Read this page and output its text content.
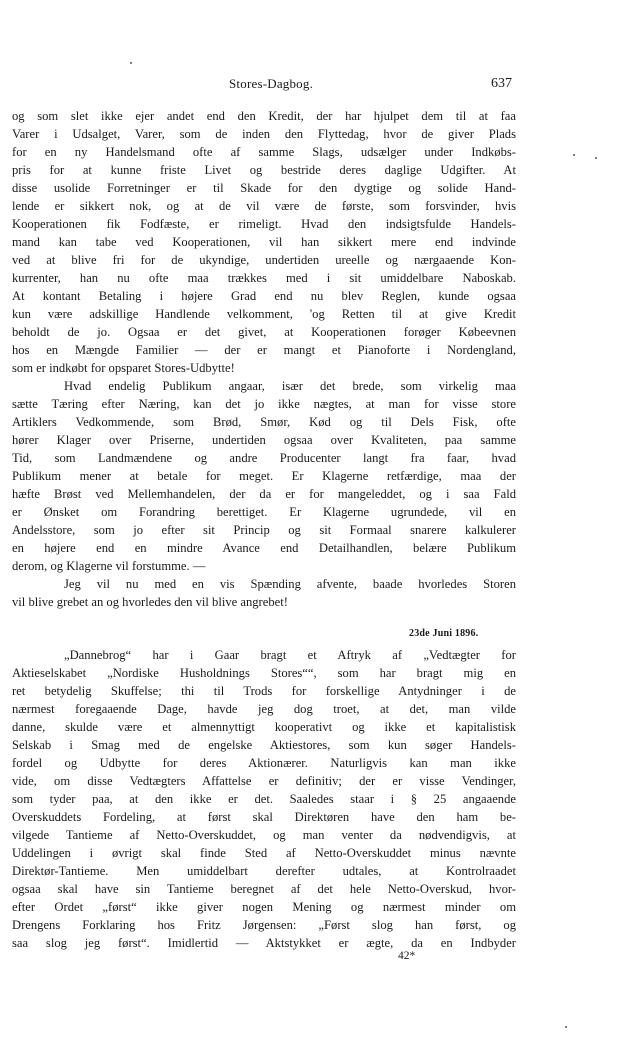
Stores-Dagbog.	637
og som slet ikke ejer andet end den Kredit, der har hjulpet dem til at faa
Varer i Udsalget, Varer, som de inden den Flyttedag, hvor de giver Plads
for en ny Handelsmand ofte af samme Slags, udsælger under Indkøbs-
pris for at kunne friste Livet og bestride deres daglige Udgifter. At
disse usolide Forretninger er til Skade for den dygtige og solide Hand-
lende er sikkert nok, og at de vil være de første, som forsvinder, hvis
Kooperationen fik Fodfæste, er rimeligt. Hvad den indsigtsfulde Handels-
mand kan tabe ved Kooperationen, vil han sikkert mere end indvinde
ved at blive fri for de ukyndige, undertiden ureelle og nærgaaende Kon-
kurrenter, han nu ofte maa trækkes med i sit umiddelbare Naboskab.
At kontant Betaling i højere Grad end nu blev Reglen, kunde ogsaa
kun være adskillige Handlende velkomment, 'og Retten til at give Kredit
beholdt de jo. Ogsaa er det givet, at Kooperationen forøger Købeevnen
hos en Mængde Familier — der er mangt et Pianoforte i Nordengland,
som er indkøbt for opsparet Stores-Udbytte!
Hvad endelig Publikum angaar, især det brede, som virkelig maa
sætte Tæring efter Næring, kan det jo ikke nægtes, at man for visse store
Artiklers Vedkommende, som Brød, Smør, Kød og til Dels Fisk, ofte
hører Klager over Priserne, undertiden ogsaa over Kvaliteten, paa samme
Tid, som Landmændene og andre Producenter langt fra faar, hvad
Publikum mener at betale for meget. Er Klagerne retfærdige, maa der
hæfte Brøst ved Mellemhandelen, der da er for mangeleddet, og i saa Fald
er Ønsket om Forandring berettiget. Er Klagerne ugrundede, vil en
Andelsstore, som jo efter sit Princip og sit Formaal snarere kalkulerer
en højere end en mindre Avance end Detailhandlen, belære Publikum
derom, og Klagerne vil forstumme. —
Jeg vil nu med en vis Spænding afvente, baade hvorledes Storen
vil blive grebet an og hvorledes den vil blive angrebet!
23de Juni 1896.
„Dannebrog“ har i Gaar bragt et Aftryk af „Vedtægter for
Aktieselskabet „Nordiske Husholdnings Stores““, som har bragt mig en
ret betydelig Skuffelse; thi til Trods for forskellige Antydninger i de
nærmest foregaaende Dage, havde jeg dog troet, at det, man vilde
danne, skulde være et almennyttigt kooperativt og ikke et kapitalistisk
Selskab i Smag med de engelske Aktiestores, som kun søger Handels-
fordel og Udbytte for deres Aktionærer. Naturligvis kan man ikke
vide, om disse Vedtægters Affattelse er definitiv; der er visse Vendinger,
som tyder paa, at den ikke er det. Saaledes staar i § 25 angaaende
Overskuddets Fordeling, at først skal Direktøren have den ham be-
vilgede Tantieme af Netto-Overskuddet, og man venter da nødvendigvis, at
Uddelingen i øvrigt skal finde Sted af Netto-Overskuddet minus nævnte
Direktør-Tantieme. Men umiddelbart derefter udtales, at Kontrolraadet
ogsaa skal have sin Tantieme beregnet af det hele Netto-Overskud, hvor-
efter Ordet „først“ ikke giver nogen Mening og nærmest minder om
Drengens Forklaring hos Fritz Jørgensen: „Først slog han først, og
saa slog jeg først“. Imidlertid — Aktstykket er ægte, da en Indbyder
42*
